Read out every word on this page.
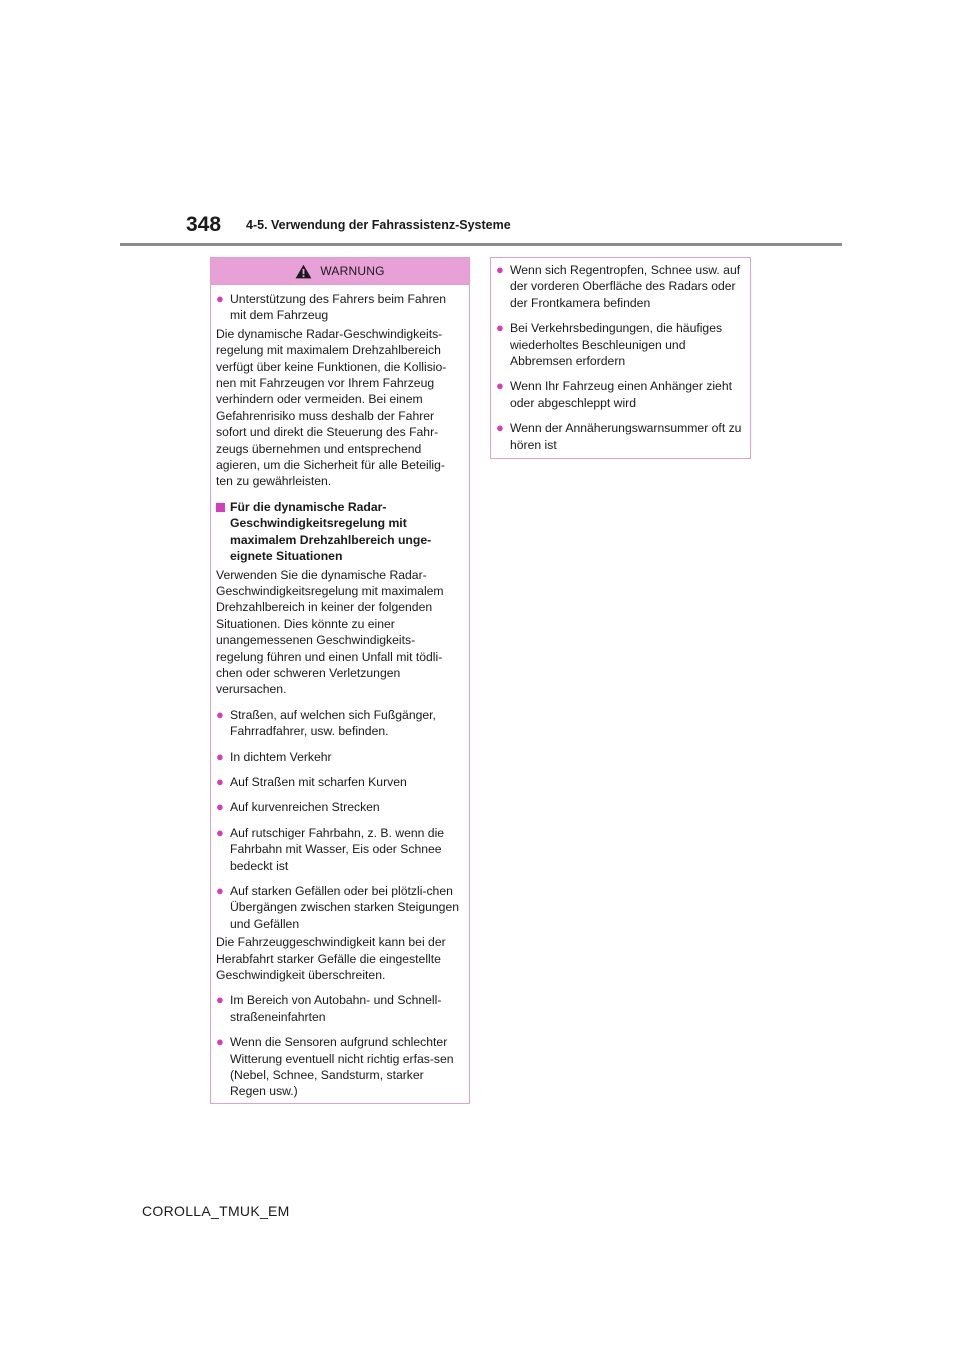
348 4-5. Verwendung der Fahrassistenz-Systeme
WARNUNG
● Unterstützung des Fahrers beim Fahren mit dem Fahrzeug

Die dynamische Radar-Geschwindigkeits-regelung mit maximalem Drehzahlbereich verfügt über keine Funktionen, die Kollisio-nen mit Fahrzeugen vor Ihrem Fahrzeug verhindern oder vermeiden. Bei einem Gefahrenrisiko muss deshalb der Fahrer sofort und direkt die Steuerung des Fahr-zeugs übernehmen und entsprechend agieren, um die Sicherheit für alle Beteilig-ten zu gewährleisten.

Für die dynamische Radar-Geschwindigkeitsregelung mit maximalem Drehzahlbereich unge-eignete Situationen

Verwenden Sie die dynamische Radar-Geschwindigkeitsregelung mit maximalem Drehzahlbereich in keiner der folgenden Situationen. Dies könnte zu einer unangemessenen Geschwindigkeits-regelung führen und einen Unfall mit tödli-chen oder schweren Verletzungen verursachen.

● Straßen, auf welchen sich Fußgänger, Fahrradfahrer, usw. befinden.
● In dichtem Verkehr
● Auf Straßen mit scharfen Kurven
● Auf kurvenreichen Strecken
● Auf rutschiger Fahrbahn, z. B. wenn die Fahrbahn mit Wasser, Eis oder Schnee bedeckt ist
● Auf starken Gefällen oder bei plötzli-chen Übergängen zwischen starken Steigungen und Gefällen

Die Fahrzeuggeschwindigkeit kann bei der Herabfahrt starker Gefälle die eingestellte Geschwindigkeit überschreiten.

● Im Bereich von Autobahn- und Schnell-straßeneinfahrten
● Wenn die Sensoren aufgrund schlechter Witterung eventuell nicht richtig erfas-sen (Nebel, Schnee, Sandsturm, starker Regen usw.)
● Wenn sich Regentropfen, Schnee usw. auf der vorderen Oberfläche des Radars oder der Frontkamera befinden
● Bei Verkehrsbedingungen, die häufiges wiederholtes Beschleunigen und Abbremsen erfordern
● Wenn Ihr Fahrzeug einen Anhänger zieht oder abgeschleppt wird
● Wenn der Annäherungswarnsummer oft zu hören ist
COROLLA_TMUK_EM
